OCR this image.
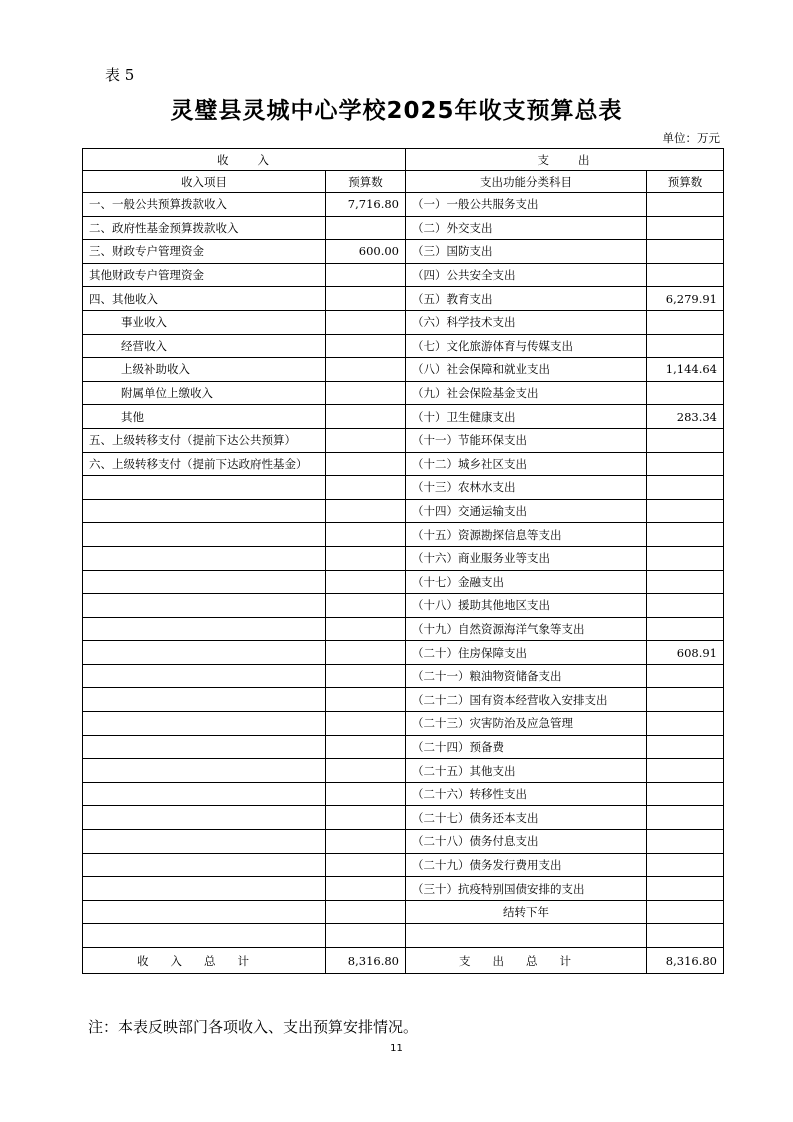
表 5
灵璧县灵城中心学校2025年收支预算总表
单位：万元
收　　入		支　　出	
收入项目	预算数	支出功能分类科目	预算数
一、一般公共预算拨款收入	7,716.80	（一）一般公共服务支出	
二、政府性基金预算拨款收入		（二）外交支出	
三、财政专户管理资金	600.00	（三）国防支出	
其他财政专户管理资金		（四）公共安全支出	
四、其他收入		（五）教育支出	6,279.91
事业收入		（六）科学技术支出	
经营收入		（七）文化旅游体育与传媒支出	
上级补助收入		（八）社会保障和就业支出	1,144.64
附属单位上缴收入		（九）社会保险基金支出	
其他		（十）卫生健康支出	283.34
五、上级转移支付（提前下达公共预算）		（十一）节能环保支出	
六、上级转移支付（提前下达政府性基金）		（十二）城乡社区支出	
		（十三）农林水支出	
		（十四）交通运输支出	
		（十五）资源勘探信息等支出	
		（十六）商业服务业等支出	
		（十七）金融支出	
		（十八）援助其他地区支出	
		（十九）自然资源海洋气象等支出	
		（二十）住房保障支出	608.91
		（二十一）粮油物资储备支出	
		（二十二）国有资本经营收入安排支出	
		（二十三）灾害防治及应急管理	
		（二十四）预备费	
		（二十五）其他支出	
		（二十六）转移性支出	
		（二十七）债务还本支出	
		（二十八）债务付息支出	
		（二十九）债务发行费用支出	
		（三十）抗疫特别国债安排的支出	
		结转下年	

收入总计	8,316.80	支出总计	8,316.80
注：本表反映部门各项收入、支出预算安排情况。
11
